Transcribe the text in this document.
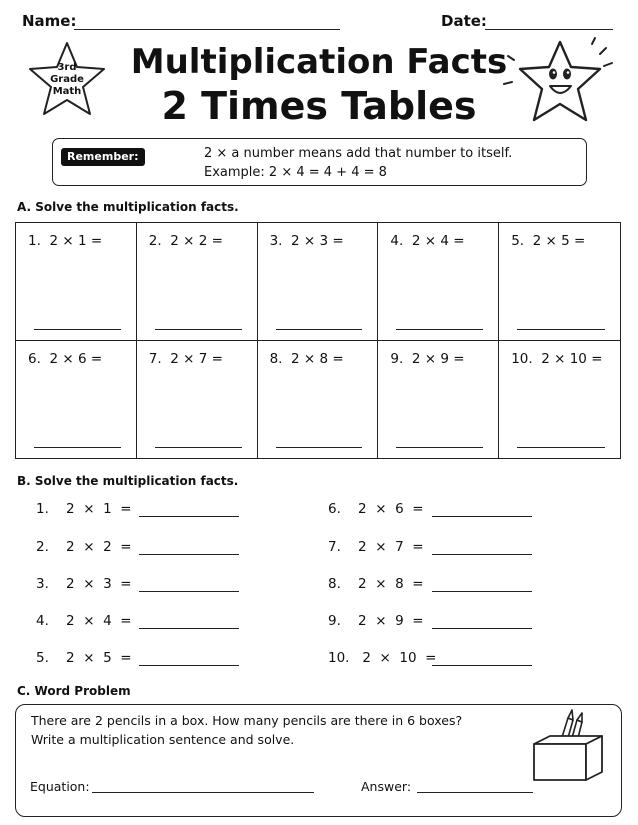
Name:	Date:
3rd
Grade
Math
Multiplication Facts
2 Times Tables
Remember:	2 × a number means add that number to itself.
Example: 2 × 4 = 4 + 4 = 8
A. Solve the multiplication facts.
1.  2 × 1 =	2.  2 × 2 =	3.  2 × 3 =	4.  2 × 4 =	5.  2 × 5 =
6.  2 × 6 =	7.  2 × 7 =	8.  2 × 8 =	9.  2 × 9 =	10.  2 × 10 =
B. Solve the multiplication facts.
1.    2  ×  1  =
2.    2  ×  2  =
3.    2  ×  3  =
4.    2  ×  4  =
5.    2  ×  5  =
6.    2  ×  6  =
7.    2  ×  7  =
8.    2  ×  8  =
9.    2  ×  9  =
10.   2  ×  10  =
C. Word Problem
There are 2 pencils in a box. How many pencils are there in 6 boxes?
Write a multiplication sentence and solve.
Equation:	Answer:
